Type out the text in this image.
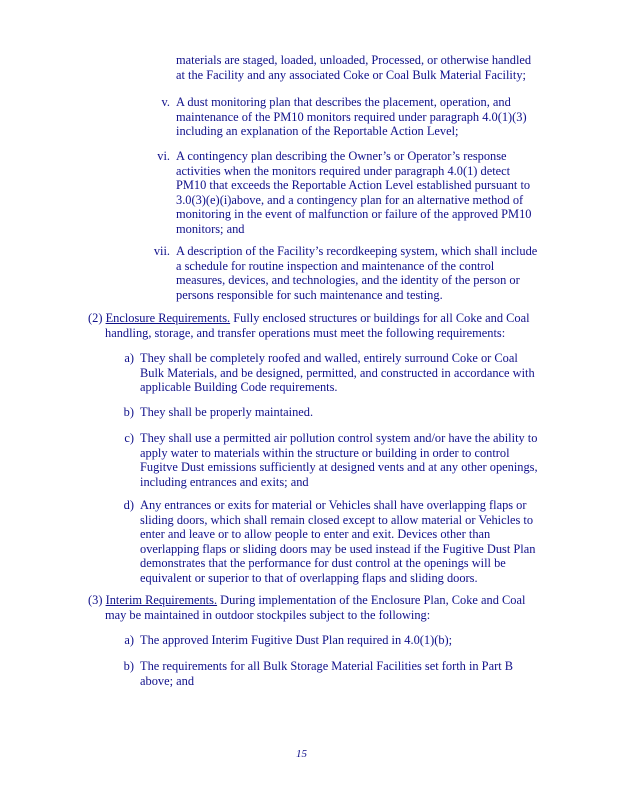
materials are staged, loaded, unloaded, Processed, or otherwise handled
at the Facility and any associated Coke or Coal Bulk Material Facility;
v. A dust monitoring plan that describes the placement, operation, and
maintenance of the PM10 monitors required under paragraph 4.0(1)(3)
including an explanation of the Reportable Action Level;
vi. A contingency plan describing the Owner’s or Operator’s response
activities when the monitors required under paragraph 4.0(1) detect
PM10 that exceeds the Reportable Action Level established pursuant to
3.0(3)(e)(i)above, and a contingency plan for an alternative method of
monitoring in the event of malfunction or failure of the approved PM10
monitors; and
vii. A description of the Facility’s recordkeeping system, which shall include
a schedule for routine inspection and maintenance of the control
measures, devices, and technologies, and the identity of the person or
persons responsible for such maintenance and testing.
(2) Enclosure Requirements. Fully enclosed structures or buildings for all Coke and Coal
handling, storage, and transfer operations must meet the following requirements:
a) They shall be completely roofed and walled, entirely surround Coke or Coal
Bulk Materials, and be designed, permitted, and constructed in accordance with
applicable Building Code requirements.
b) They shall be properly maintained.
c) They shall use a permitted air pollution control system and/or have the ability to
apply water to materials within the structure or building in order to control
Fugitve Dust emissions sufficiently at designed vents and at any other openings,
including entrances and exits; and
d) Any entrances or exits for material or Vehicles shall have overlapping flaps or
sliding doors, which shall remain closed except to allow material or Vehicles to
enter and leave or to allow people to enter and exit. Devices other than
overlapping flaps or sliding doors may be used instead if the Fugitive Dust Plan
demonstrates that the performance for dust control at the openings will be
equivalent or superior to that of overlapping flaps and sliding doors.
(3) Interim Requirements. During implementation of the Enclosure Plan, Coke and Coal
may be maintained in outdoor stockpiles subject to the following:
a) The approved Interim Fugitive Dust Plan required in 4.0(1)(b);
b) The requirements for all Bulk Storage Material Facilities set forth in Part B
above; and
15
